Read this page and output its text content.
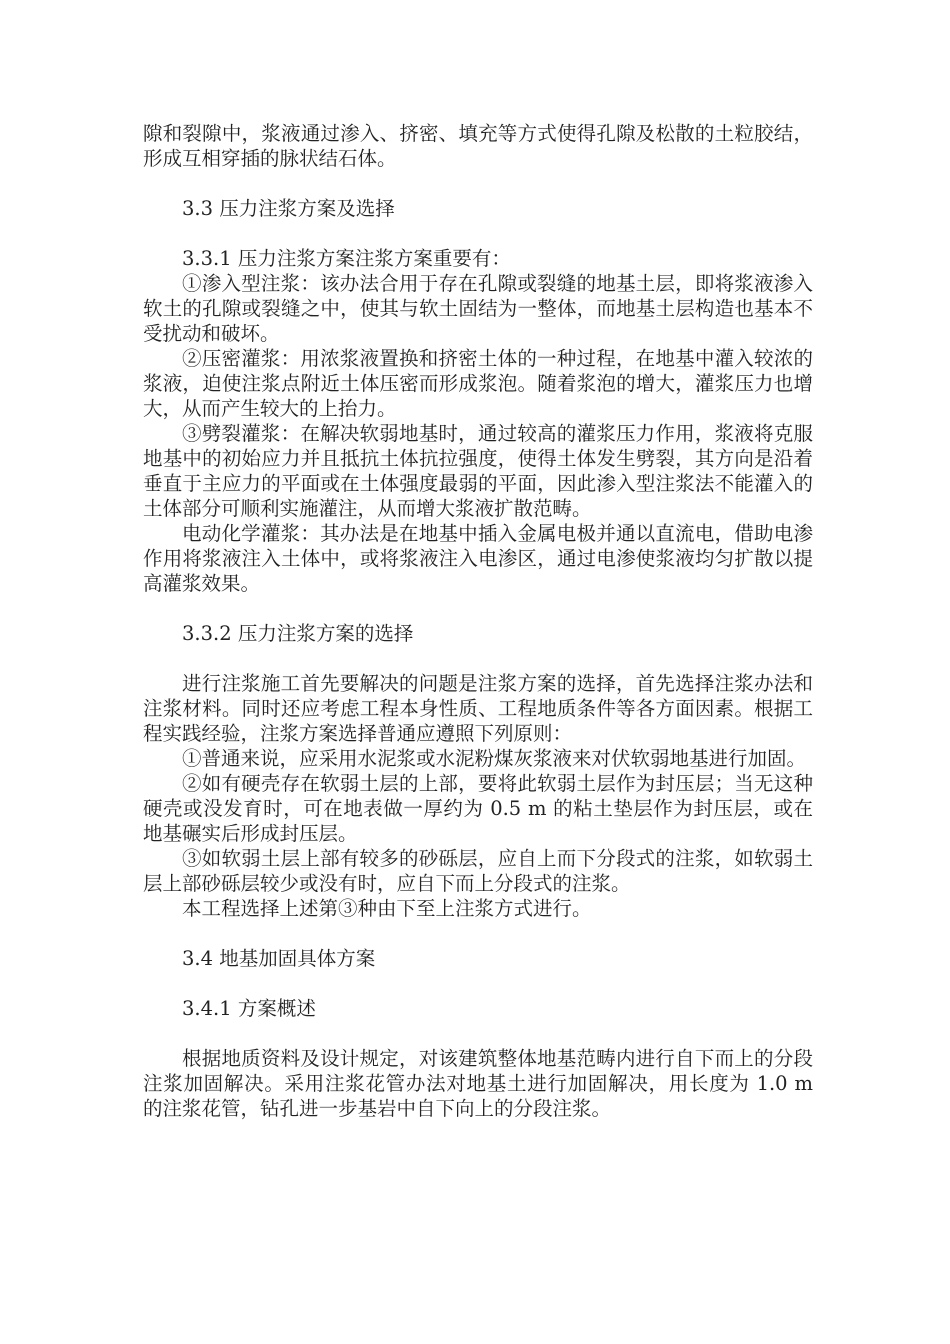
隙和裂隙中，浆液通过渗入、挤密、填充等方式使得孔隙及松散的土粒胶结，形成互相穿插的脉状结石体。

3.3 压力注浆方案及选择

3.3.1 压力注浆方案注浆方案重要有：

①渗入型注浆：该办法合用于存在孔隙或裂缝的地基土层，即将浆液渗入软土的孔隙或裂缝之中，使其与软土固结为一整体，而地基土层构造也基本不受扰动和破坏。

②压密灌浆：用浓浆液置换和挤密土体的一种过程，在地基中灌入较浓的浆液，迫使注浆点附近土体压密而形成浆泡。随着浆泡的增大，灌浆压力也增大，从而产生较大的上抬力。

③劈裂灌浆：在解决软弱地基时，通过较高的灌浆压力作用，浆液将克服地基中的初始应力并且抵抗土体抗拉强度，使得土体发生劈裂，其方向是沿着垂直于主应力的平面或在土体强度最弱的平面，因此渗入型注浆法不能灌入的土体部分可顺利实施灌注，从而增大浆液扩散范畴。

电动化学灌浆：其办法是在地基中插入金属电极并通以直流电，借助电渗作用将浆液注入土体中，或将浆液注入电渗区，通过电渗使浆液均匀扩散以提高灌浆效果。

3.3.2 压力注浆方案的选择

进行注浆施工首先要解决的问题是注浆方案的选择，首先选择注浆办法和注浆材料。同时还应考虑工程本身性质、工程地质条件等各方面因素。根据工程实践经验，注浆方案选择普通应遵照下列原则：

①普通来说，应采用水泥浆或水泥粉煤灰浆液来对伏软弱地基进行加固。

②如有硬壳存在软弱土层的上部，要将此软弱土层作为封压层；当无这种硬壳或没发育时，可在地表做一厚约为 0.5 m 的粘土垫层作为封压层，或在地基碾实后形成封压层。

③如软弱土层上部有较多的砂砾层，应自上而下分段式的注浆，如软弱土层上部砂砾层较少或没有时，应自下而上分段式的注浆。

本工程选择上述第③种由下至上注浆方式进行。

3.4 地基加固具体方案

3.4.1 方案概述

根据地质资料及设计规定，对该建筑整体地基范畴内进行自下而上的分段注浆加固解决。采用注浆花管办法对地基土进行加固解决，用长度为 1.0 m 的注浆花管，钻孔进一步基岩中自下向上的分段注浆。
